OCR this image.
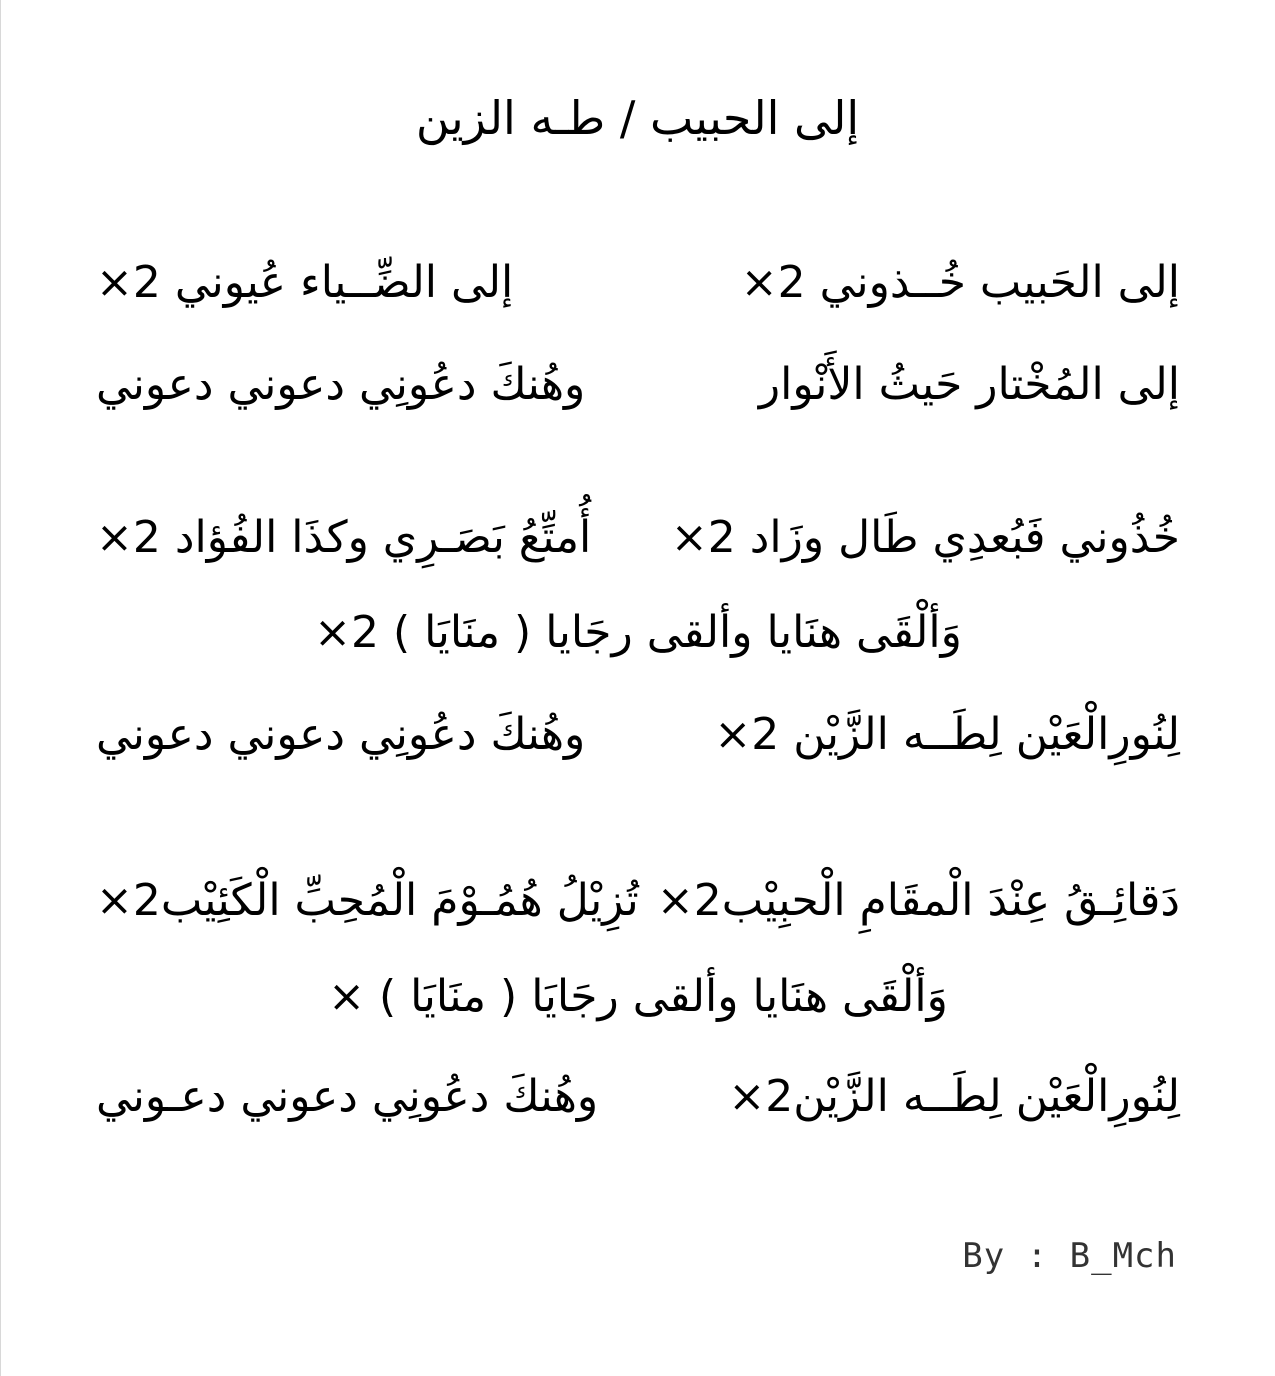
إلى الحبيب / طـه الزين
إلى الحَبيب خُــذوني ×2
إلى الضِّــياء عُيوني ×2
إلى المُخْتار حَيثُ الأَنْوار
وهُنكَ دعُونِي دعوني دعوني
خُذُوني فَبُعدِي طَال وزَاد ×2
أُمتِّعُ بَصَـرِي وكذَا الفُؤاد ×2
وَألْقَى هنَايا وألقى رجَايا ( منَايَا ) ×2
لِنُورِالْعَيْن لِطَــه الزَّيْن ×2
وهُنكَ دعُونِي دعوني دعوني
دَقائِـقُ عِنْدَ الْمقَامِ الْحبِيْب×2
تُزِيْلُ هُمُـوْمَ الْمُحِبِّ الْكَئِيْب×2
وَألْقَى هنَايا وألقى رجَايَا ( منَايَا ) ×
لِنُورِالْعَيْن لِطَــه الزَّيْن×2
وهُنكَ دعُونِي دعوني دعـوني
By : B_Mch
